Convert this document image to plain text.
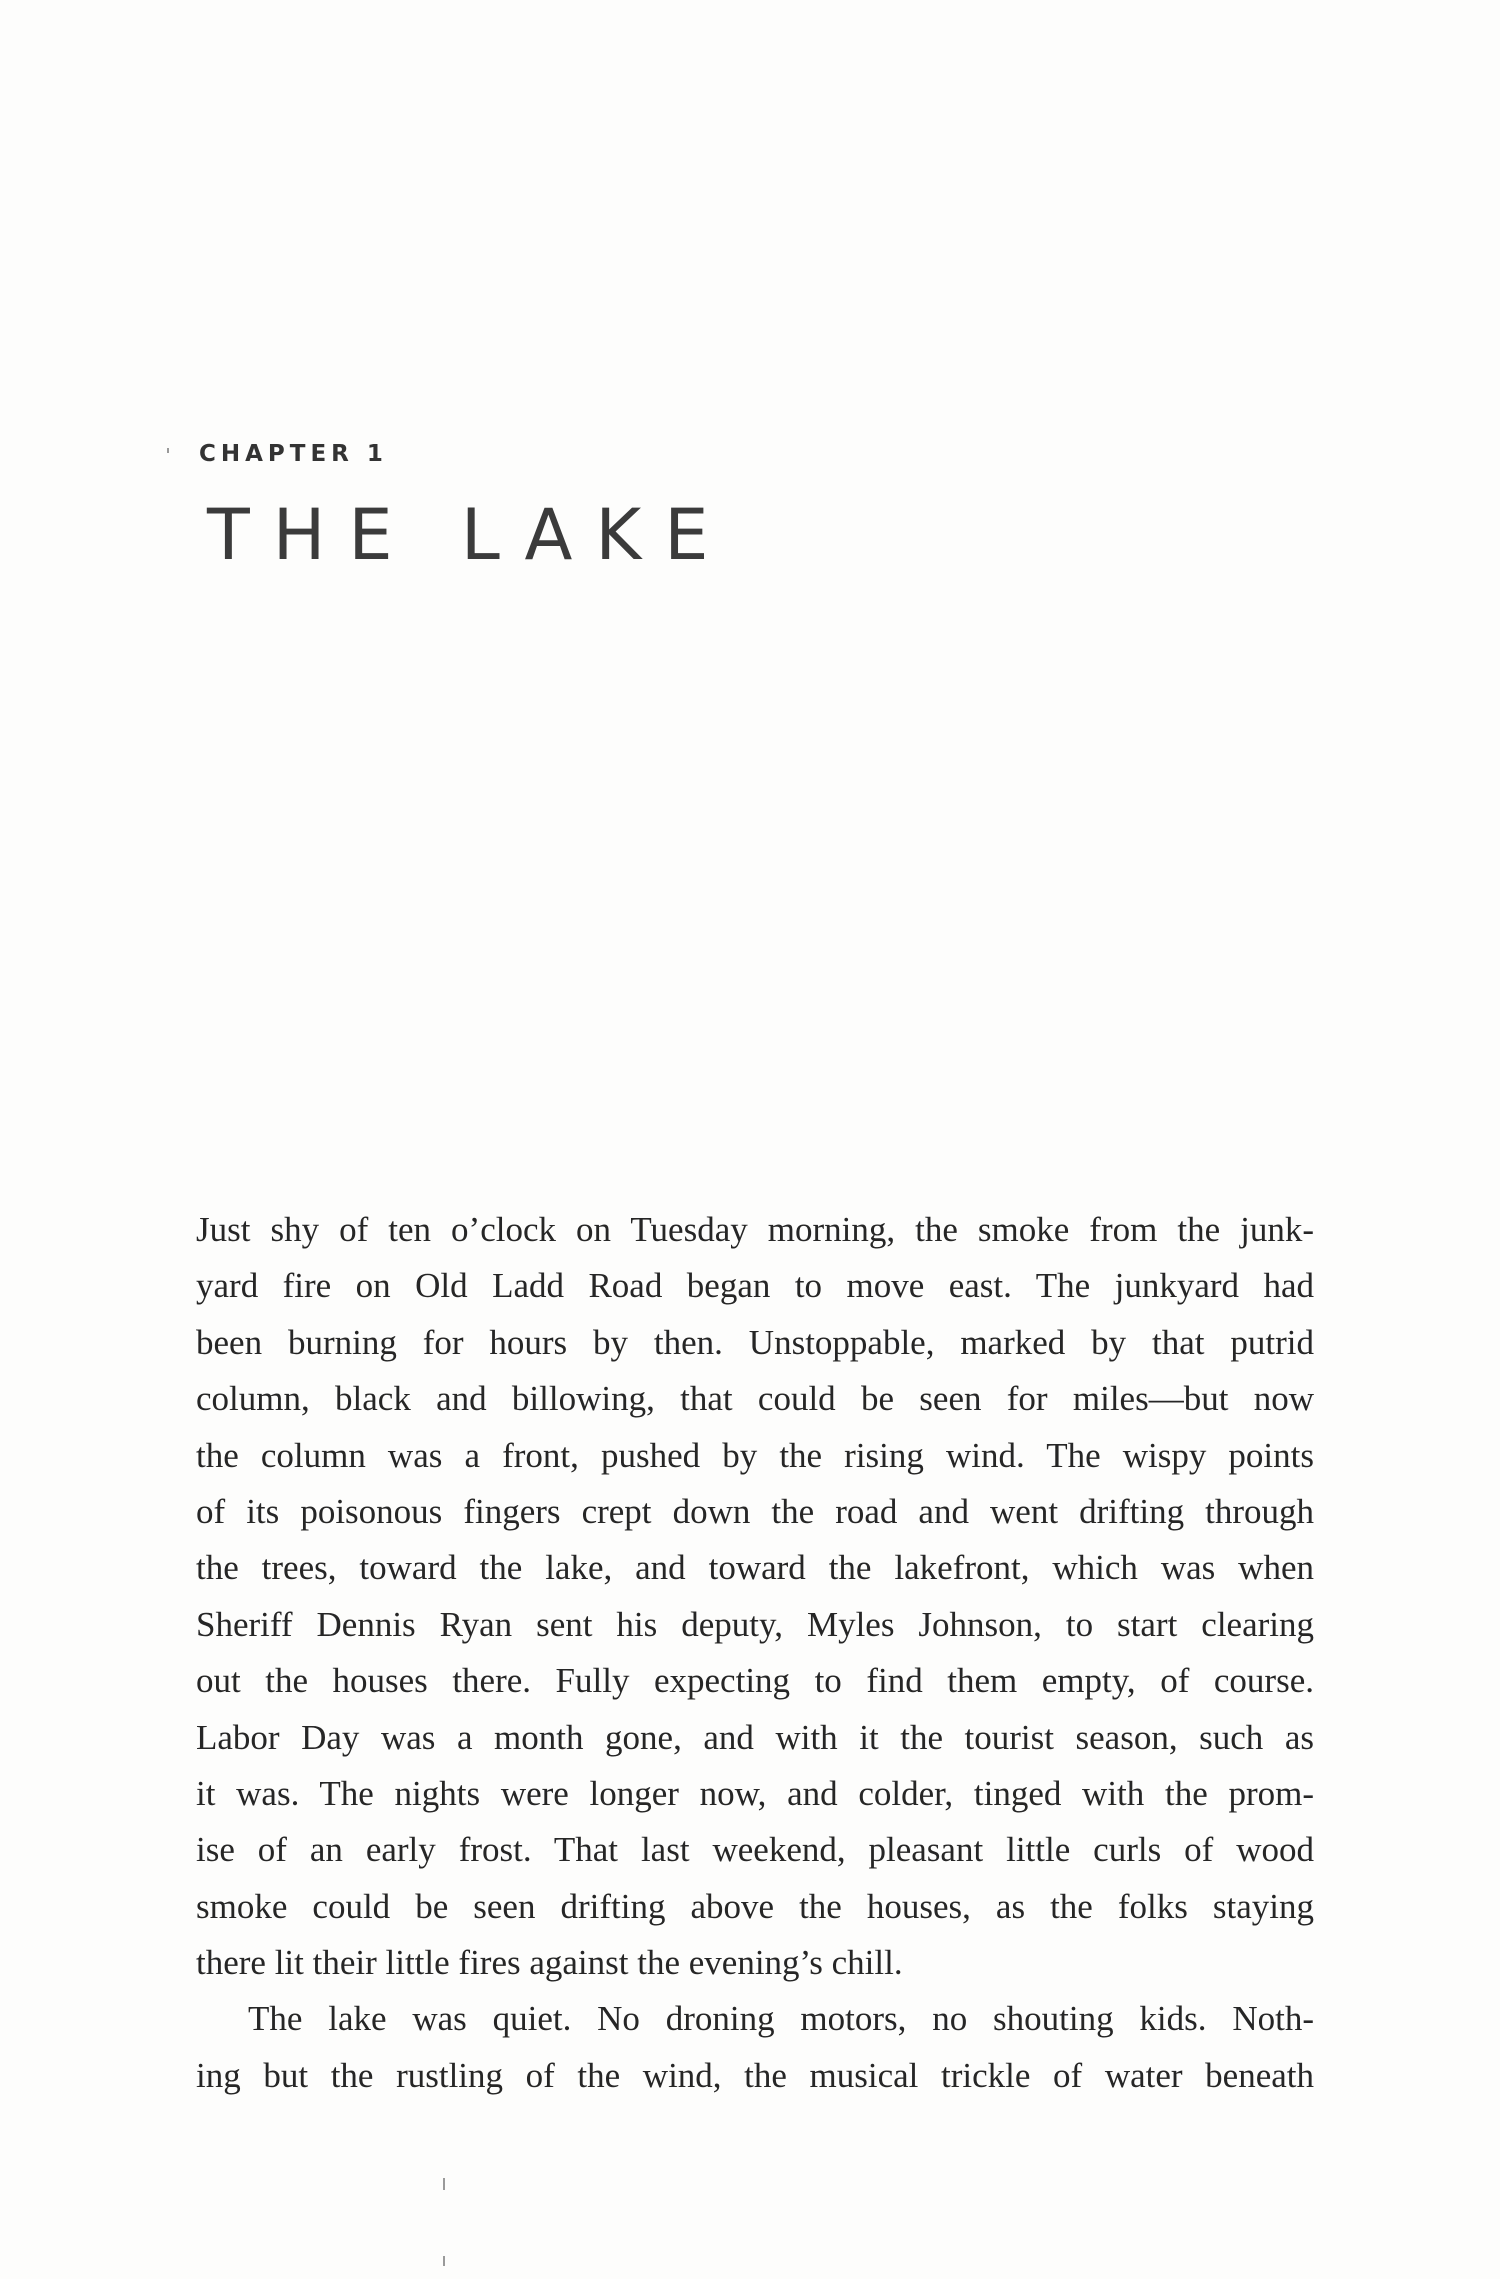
CHAPTER 1
THE LAKE
Just shy of ten o’clock on Tuesday morning, the smoke from the junk-
yard fire on Old Ladd Road began to move east. The junkyard had
been burning for hours by then. Unstoppable, marked by that putrid
column, black and billowing, that could be seen for miles—but now
the column was a front, pushed by the rising wind. The wispy points
of its poisonous fingers crept down the road and went drifting through
the trees, toward the lake, and toward the lakefront, which was when
Sheriff Dennis Ryan sent his deputy, Myles Johnson, to start clearing
out the houses there. Fully expecting to find them empty, of course.
Labor Day was a month gone, and with it the tourist season, such as
it was. The nights were longer now, and colder, tinged with the prom-
ise of an early frost. That last weekend, pleasant little curls of wood
smoke could be seen drifting above the houses, as the folks staying
there lit their little fires against the evening’s chill.
The lake was quiet. No droning motors, no shouting kids. Noth-
ing but the rustling of the wind, the musical trickle of water beneath
